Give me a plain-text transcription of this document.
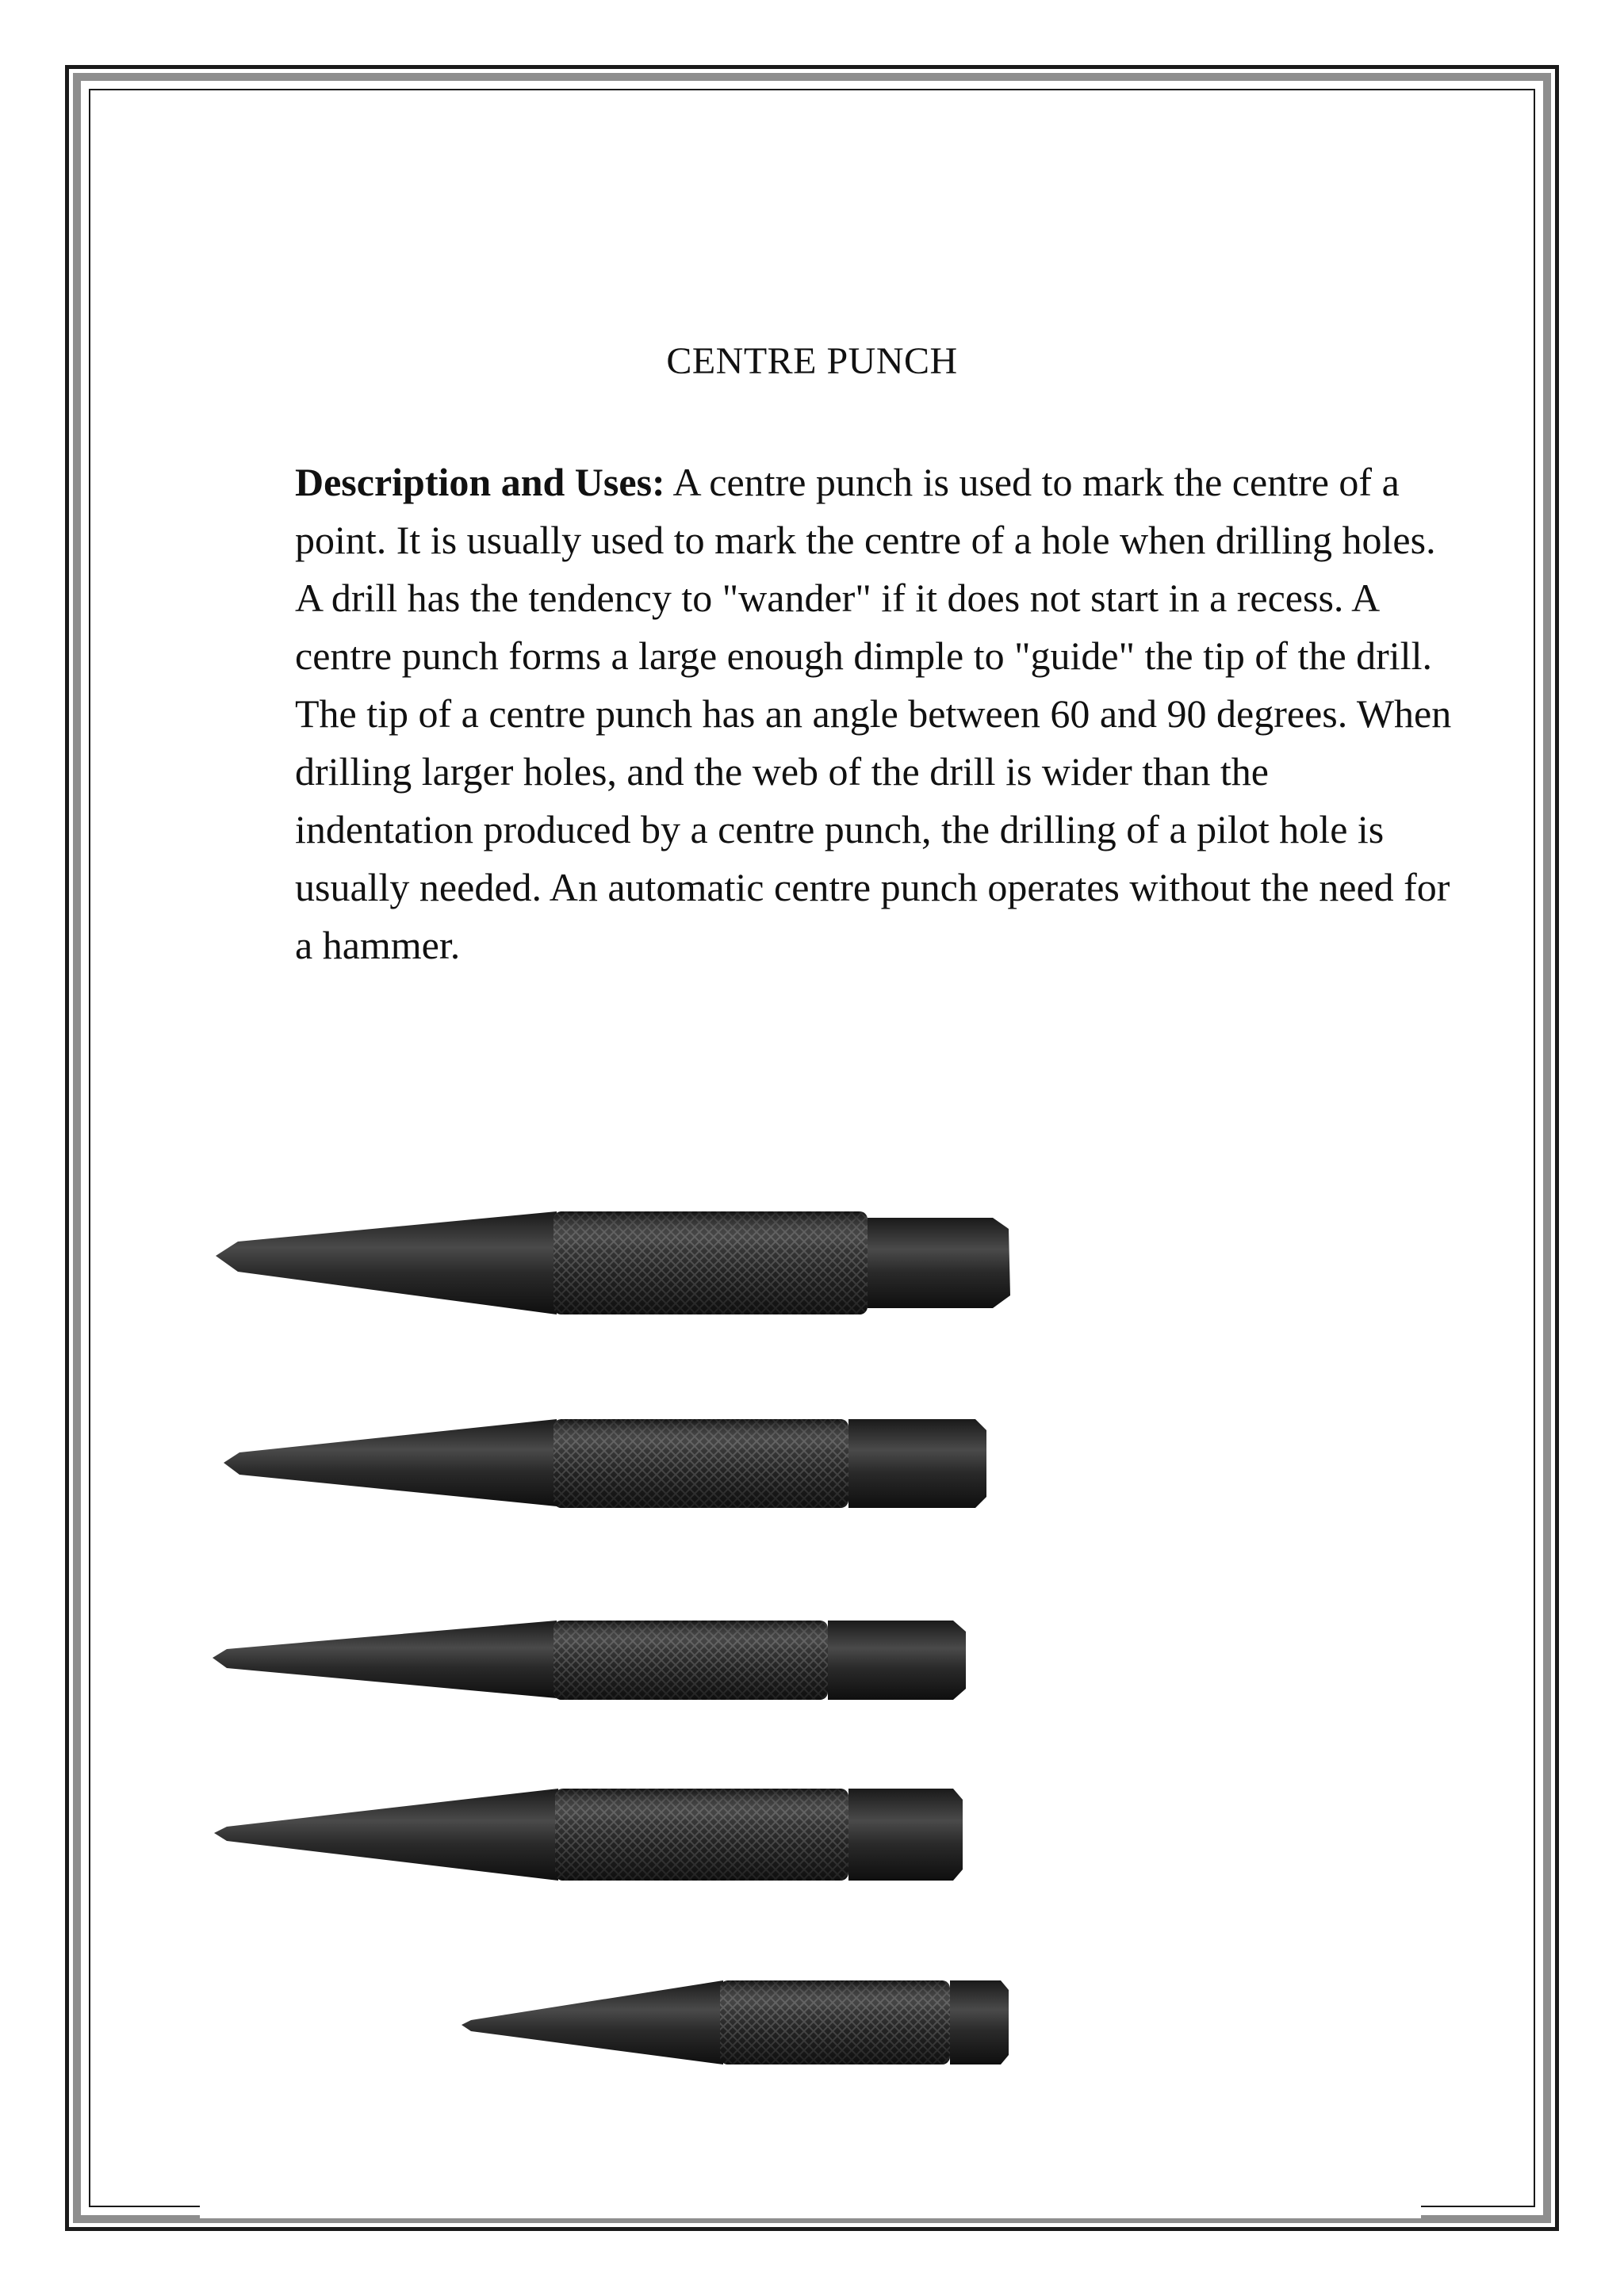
CENTRE PUNCH

Description and Uses: A centre punch is used to mark the centre of a point. It is usually used to mark the centre of a hole when drilling holes. A drill has the tendency to "wander" if it does not start in a recess. A centre punch forms a large enough dimple to "guide" the tip of the drill. The tip of a centre punch has an angle between 60 and 90 degrees. When drilling larger holes, and the web of the drill is wider than the indentation produced by a centre punch, the drilling of a pilot hole is usually needed. An automatic centre punch operates without the need for a hammer.
